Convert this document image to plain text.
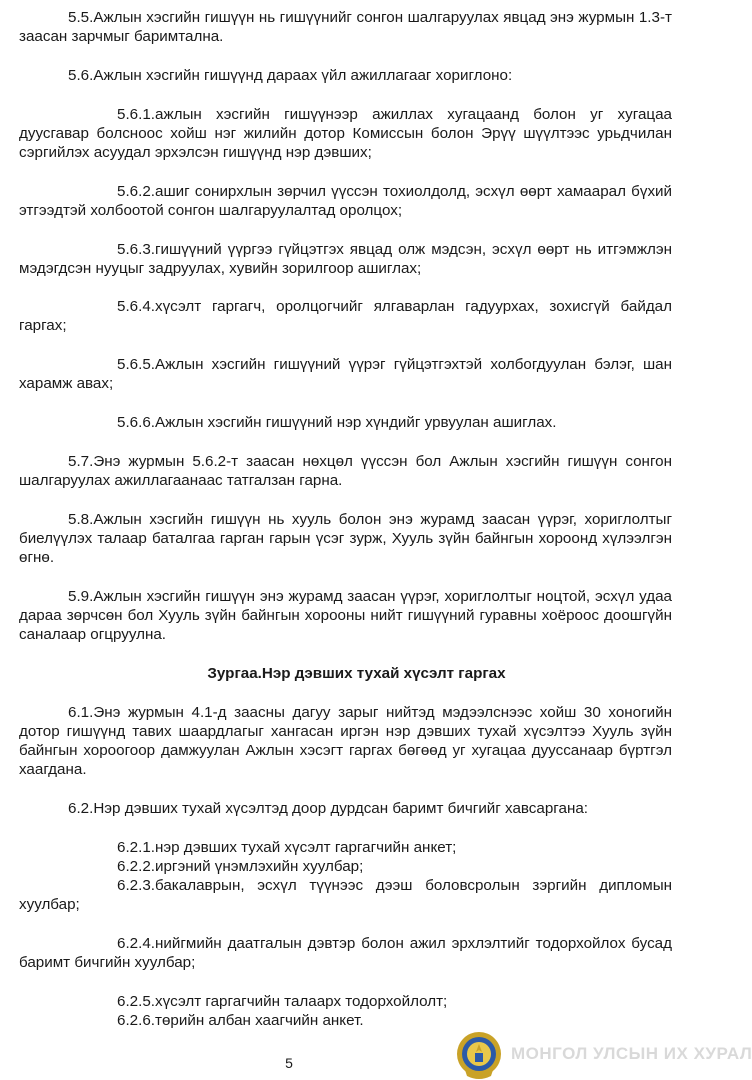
5.5.Ажлын хэсгийн гишүүн нь гишүүнийг сонгон шалгаруулах явцад энэ журмын 1.3-т заасан зарчмыг баримтална.

5.6.Ажлын хэсгийн гишүүнд дараах үйл ажиллагааг хориглоно:

5.6.1.ажлын хэсгийн гишүүнээр ажиллах хугацаанд болон уг хугацаа дуусгавар болсноос хойш нэг жилийн дотор Комиссын болон Эрүү шүүлтээс урьдчилан сэргийлэх асуудал эрхэлсэн гишүүнд нэр дэвших;

5.6.2.ашиг сонирхлын зөрчил үүссэн тохиолдолд, эсхүл өөрт хамаарал бүхий этгээдтэй холбоотой сонгон шалгаруулалтад оролцох;

5.6.3.гишүүний үүргээ гүйцэтгэх явцад олж мэдсэн, эсхүл өөрт нь итгэмжлэн мэдэгдсэн нууцыг задруулах, хувийн зорилгоор ашиглах;

5.6.4.хүсэлт гаргагч, оролцогчийг ялгаварлан гадуурхах, зохисгүй байдал гаргах;

5.6.5.Ажлын хэсгийн гишүүний үүрэг гүйцэтгэхтэй холбогдуулан бэлэг, шан харамж авах;

5.6.6.Ажлын хэсгийн гишүүний нэр хүндийг урвуулан ашиглах.

5.7.Энэ журмын 5.6.2-т заасан нөхцөл үүссэн бол Ажлын хэсгийн гишүүн сонгон шалгаруулах ажиллагаанаас татгалзан гарна.

5.8.Ажлын хэсгийн гишүүн нь хууль болон энэ журамд заасан үүрэг, хориглолтыг биелүүлэх талаар баталгаа гарган гарын үсэг зурж, Хууль зүйн байнгын хороонд хүлээлгэн өгнө.

5.9.Ажлын хэсгийн гишүүн энэ журамд заасан үүрэг, хориглолтыг ноцтой, эсхүл удаа дараа зөрчсөн бол Хууль зүйн байнгын хорооны нийт гишүүний гуравны хоёроос доошгүйн саналаар огцруулна.

Зургаа.Нэр дэвших тухай хүсэлт гаргах

6.1.Энэ журмын 4.1-д заасны дагуу зарыг нийтэд мэдээлснээс хойш 30 хоногийн дотор гишүүнд тавих шаардлагыг хангасан иргэн нэр дэвших тухай хүсэлтээ Хууль зүйн байнгын хороогоор дамжуулан Ажлын хэсэгт гаргах бөгөөд уг хугацаа дууссанаар бүртгэл хаагдана.

6.2.Нэр дэвших тухай хүсэлтэд доор дурдсан баримт бичгийг хавсаргана:

6.2.1.нэр дэвших тухай хүсэлт гаргагчийн анкет;

6.2.2.иргэний үнэмлэхийн хуулбар;

6.2.3.бакалаврын, эсхүл түүнээс дээш боловсролын зэргийн дипломын хуулбар;

6.2.4.нийгмийн даатгалын дэвтэр болон ажил эрхлэлтийг тодорхойлох бусад баримт бичгийн хуулбар;

6.2.5.хүсэлт гаргагчийн талаарх тодорхойлолт;

6.2.6.төрийн албан хаагчийн анкет.

5	МОНГОЛ УЛСЫН ИХ ХУРАЛ
